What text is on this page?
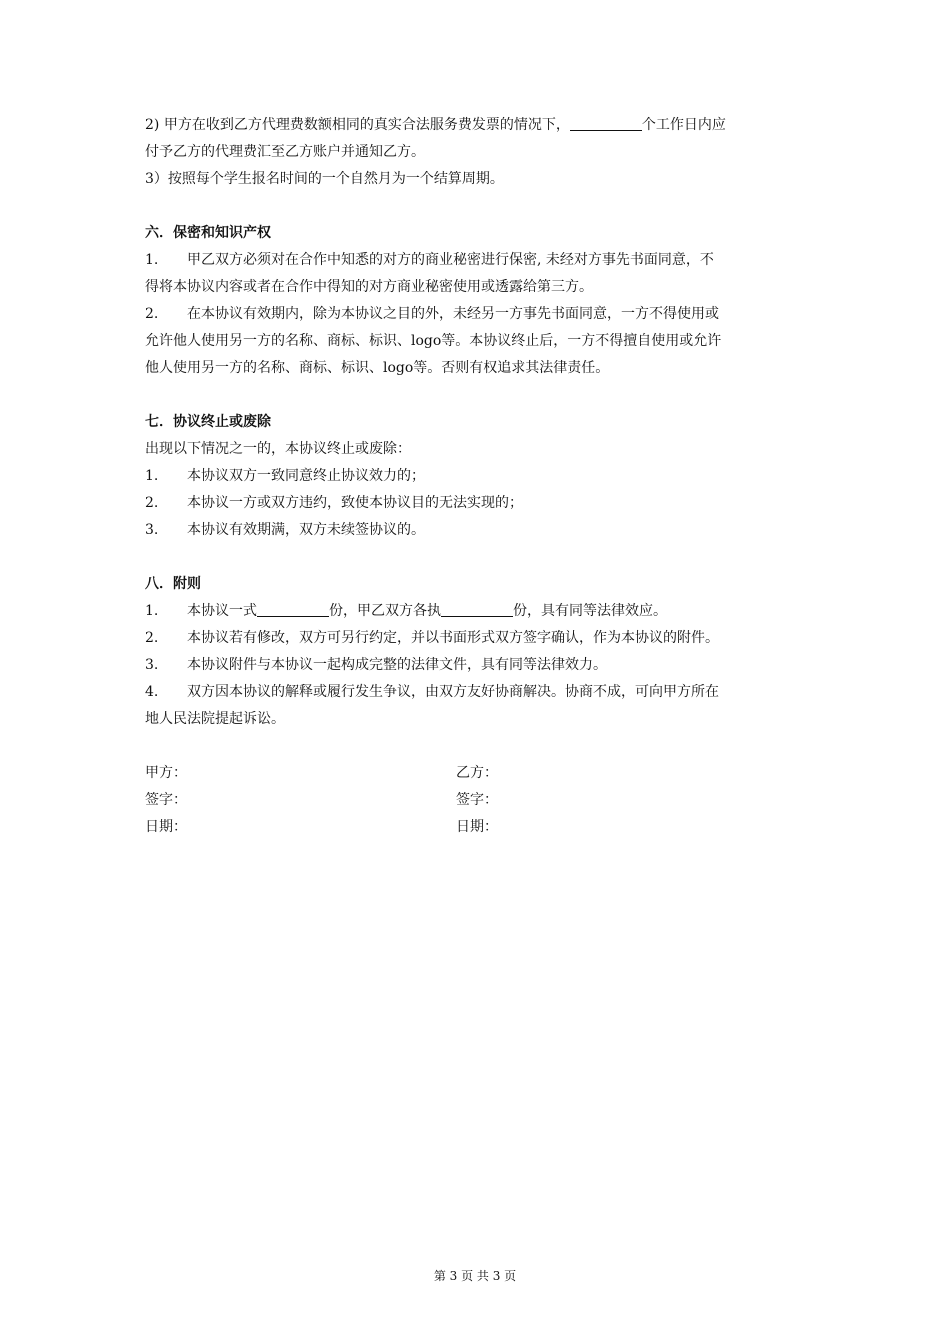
2) 甲方在收到乙方代理费数额相同的真实合法服务费发票的情况下，	个工作日内应
付予乙方的代理费汇至乙方账户并通知乙方。
3）按照每个学生报名时间的一个自然月为一个结算周期。
六．保密和知识产权
1. 甲乙双方必须对在合作中知悉的对方的商业秘密进行保密, 未经对方事先书面同意，不
得将本协议内容或者在合作中得知的对方商业秘密使用或透露给第三方。
2. 在本协议有效期内，除为本协议之目的外，未经另一方事先书面同意，一方不得使用或
允许他人使用另一方的名称、商标、标识、logo等。本协议终止后，一方不得擅自使用或允许
他人使用另一方的名称、商标、标识、logo等。否则有权追求其法律责任。
七．协议终止或废除
出现以下情况之一的，本协议终止或废除：
1. 本协议双方一致同意终止协议效力的；
2. 本协议一方或双方违约，致使本协议目的无法实现的；
3. 本协议有效期满，双方未续签协议的。
八．附则
1. 本协议一式	份，甲乙双方各执	份，具有同等法律效应。
2. 本协议若有修改，双方可另行约定，并以书面形式双方签字确认，作为本协议的附件。
3. 本协议附件与本协议一起构成完整的法律文件，具有同等法律效力。
4. 双方因本协议的解释或履行发生争议，由双方友好协商解决。协商不成，可向甲方所在
地人民法院提起诉讼。
甲方：	乙方：
签字：	签字：
日期：	日期：
第 3 页 共 3 页
